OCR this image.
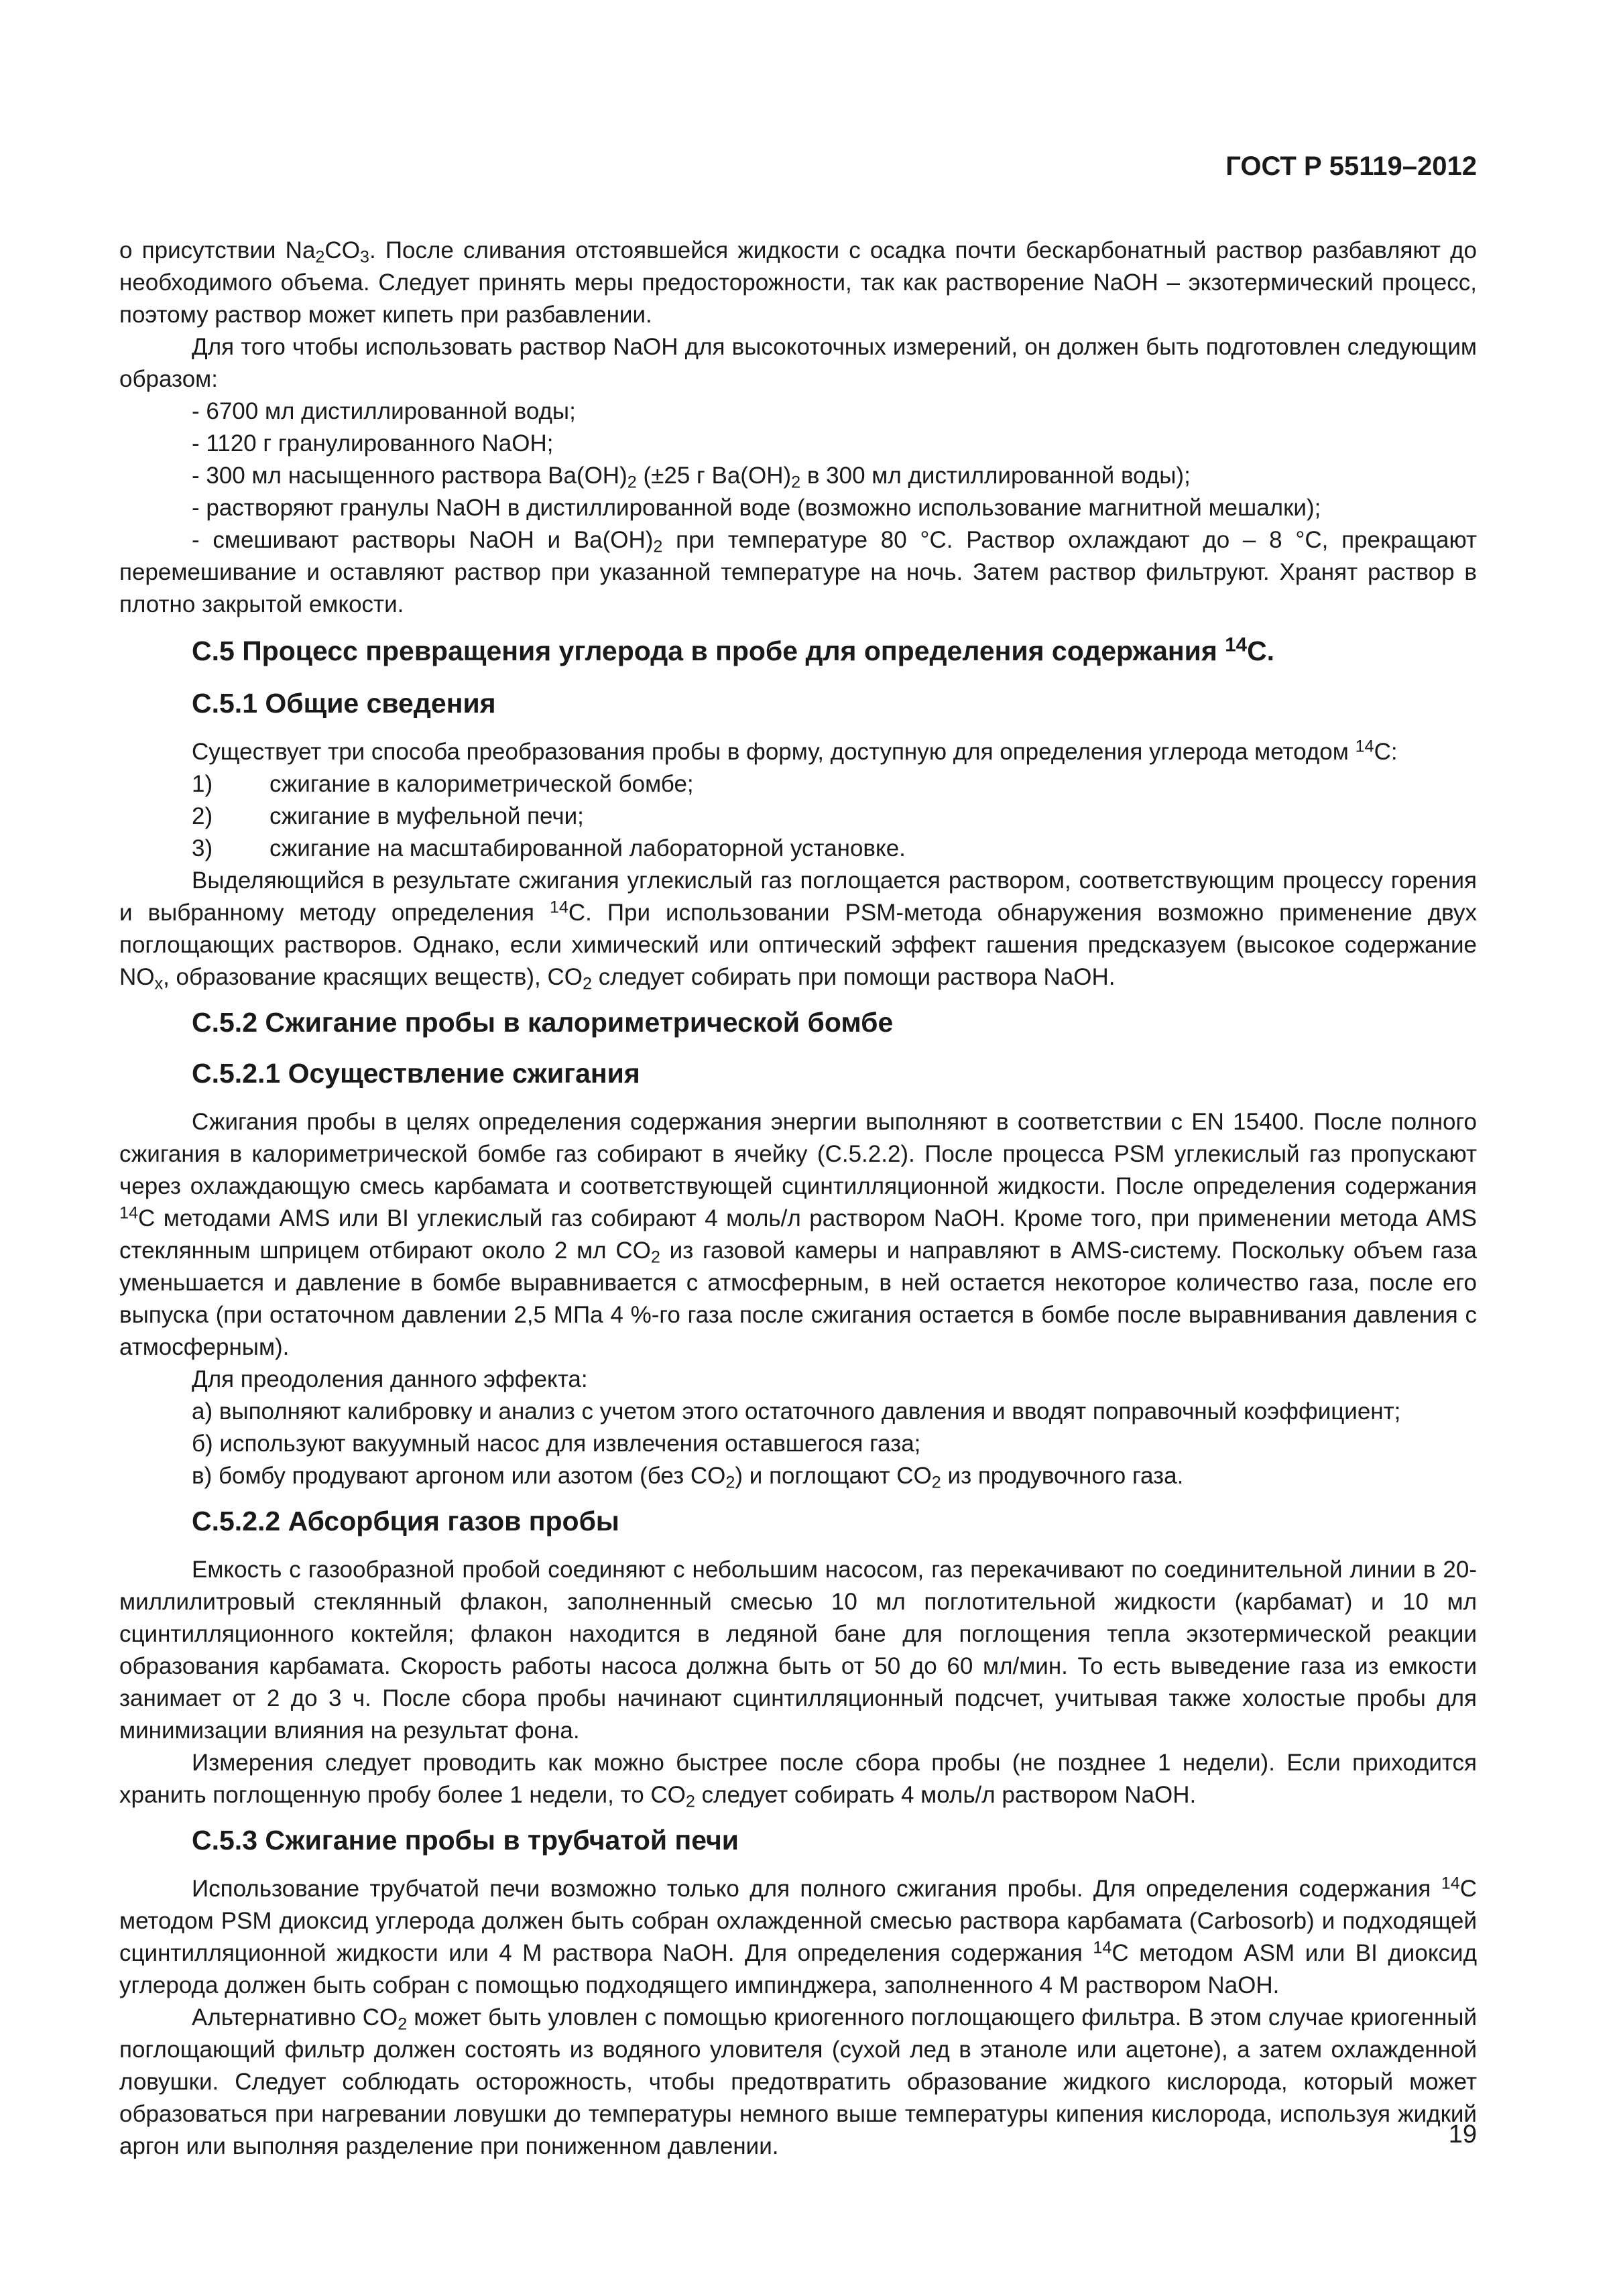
ГОСТ Р 55119–2012

о присутствии $Na_2CO_3$. После сливания отстоявшейся жидкости с осадка почти бескарбонатный раствор разбавляют до необходимого объема. Следует принять меры предосторожности, так как растворение NaOH – экзотермический процесс, поэтому раствор может кипеть при разбавлении.

Для того чтобы использовать раствор NaOH для высокоточных измерений, он должен быть подготовлен следующим образом:

- 6700 мл дистиллированной воды;

- 1120 г гранулированного NaOH;

- 300 мл насыщенного раствора $Ba(OH)_2$ (±25 г $Ba(OH)_2$ в 300 мл дистиллированной воды);

- растворяют гранулы NaOH в дистиллированной воде (возможно использование магнитной мешалки);

- смешивают растворы NaOH и $Ba(OH)_2$ при температуре 80 °С. Раствор охлаждают до – 8 °С, прекращают перемешивание и оставляют раствор при указанной температуре на ночь. Затем раствор фильтруют. Хранят раствор в плотно закрытой емкости.

С.5 Процесс превращения углерода в пробе для определения содержания $^{14}$С.
С.5.1 Общие сведения

Существует три способа преобразования пробы в форму, доступную для определения углерода методом $^{14}$С:

1)	сжигание в калориметрической бомбе;
2)	сжигание в муфельной печи;
3)	сжигание на масштабированной лабораторной установке.

Выделяющийся в результате сжигания углекислый газ поглощается раствором, соответствующим процессу горения и выбранному методу определения $^{14}$С. При использовании PSM-метода обнаружения возможно применение двух поглощающих растворов. Однако, если химический или оптический эффект гашения предсказуем (высокое содержание $NO_x$, образование красящих веществ), $CO_2$ следует собирать при помощи раствора NaOH.

С.5.2 Сжигание пробы в калориметрической бомбе
С.5.2.1 Осуществление сжигания

Сжигания пробы в целях определения содержания энергии выполняют в соответствии с EN 15400. После полного сжигания в калориметрической бомбе газ собирают в ячейку (С.5.2.2). После процесса PSM углекислый газ пропускают через охлаждающую смесь карбамата и соответствующей сцинтилляционной жидкости. После определения содержания $^{14}$С методами AMS или BI углекислый газ собирают 4 моль/л раствором NaOH. Кроме того, при применении метода AMS стеклянным шприцем отбирают около 2 мл $CO_2$ из газовой камеры и направляют в AMS-систему. Поскольку объем газа уменьшается и давление в бомбе выравнивается с атмосферным, в ней остается некоторое количество газа, после его выпуска (при остаточном давлении 2,5 МПа 4 %-го газа после сжигания остается в бомбе после выравнивания давления с атмосферным).

Для преодоления данного эффекта:

а) выполняют калибровку и анализ с учетом этого остаточного давления и вводят поправочный коэффициент;

б) используют вакуумный насос для извлечения оставшегося газа;

в) бомбу продувают аргоном или азотом (без $CO_2$) и поглощают $CO_2$ из продувочного газа.

С.5.2.2 Абсорбция газов пробы

Емкость с газообразной пробой соединяют с небольшим насосом, газ перекачивают по соединительной линии в 20-миллилитровый стеклянный флакон, заполненный смесью 10 мл поглотительной жидкости (карбамат) и 10 мл сцинтилляционного коктейля; флакон находится в ледяной бане для поглощения тепла экзотермической реакции образования карбамата. Скорость работы насоса должна быть от 50 до 60 мл/мин. То есть выведение газа из емкости занимает от 2 до 3 ч. После сбора пробы начинают сцинтилляционный подсчет, учитывая также холостые пробы для минимизации влияния на результат фона.

Измерения следует проводить как можно быстрее после сбора пробы (не позднее 1 недели). Если приходится хранить поглощенную пробу более 1 недели, то $CO_2$ следует собирать 4 моль/л раствором NaOH.

С.5.3 Сжигание пробы в трубчатой печи

Использование трубчатой печи возможно только для полного сжигания пробы. Для определения содержания $^{14}$С методом PSM диоксид углерода должен быть собран охлажденной смесью раствора карбамата (Carbosorb) и подходящей сцинтилляционной жидкости или 4 М раствора NaOH. Для определения содержания $^{14}$С методом ASM или BI диоксид углерода должен быть собран с помощью подходящего импинджера, заполненного 4 М раствором NaOH.

Альтернативно $CO_2$ может быть уловлен с помощью криогенного поглощающего фильтра. В этом случае криогенный поглощающий фильтр должен состоять из водяного уловителя (сухой лед в этаноле или ацетоне), а затем охлажденной ловушки. Следует соблюдать осторожность, чтобы предотвратить образование жидкого кислорода, который может образоваться при нагревании ловушки до температуры немного выше температуры кипения кислорода, используя жидкий аргон или выполняя разделение при пониженном давлении.	19
